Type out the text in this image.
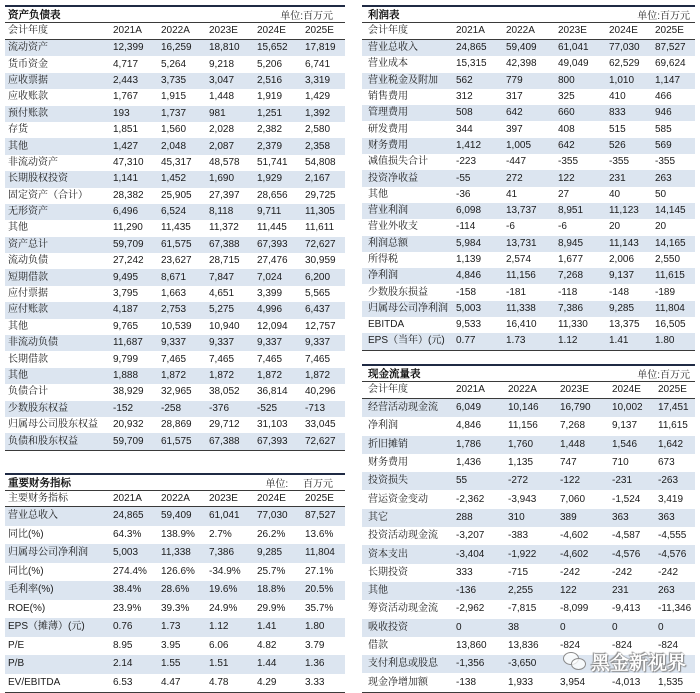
资产负债表	单位:百万元
会计年度	2021A	2022A	2023E	2024E	2025E
流动资产	12,399	16,259	18,810	15,652	17,819
货币资金	4,717	5,264	9,218	5,206	6,741
应收票据	2,443	3,735	3,047	2,516	3,319
应收账款	1,767	1,915	1,448	1,919	1,429
预付账款	193	1,737	981	1,251	1,392
存货	1,851	1,560	2,028	2,382	2,580
其他	1,427	2,048	2,087	2,379	2,358
非流动资产	47,310	45,317	48,578	51,741	54,808
长期股权投资	1,141	1,452	1,690	1,929	2,167
固定资产（合计）	28,382	25,905	27,397	28,656	29,725
无形资产	6,496	6,524	8,118	9,711	11,305
其他	11,290	11,435	11,372	11,445	11,611
资产总计	59,709	61,575	67,388	67,393	72,627
流动负债	27,242	23,627	28,715	27,476	30,959
短期借款	9,495	8,671	7,847	7,024	6,200
应付票据	3,795	1,663	4,651	3,399	5,565
应付账款	4,187	2,753	5,275	4,996	6,437
其他	9,765	10,539	10,940	12,094	12,757
非流动负债	11,687	9,337	9,337	9,337	9,337
长期借款	9,799	7,465	7,465	7,465	7,465
其他	1,888	1,872	1,872	1,872	1,872
负债合计	38,929	32,965	38,052	36,814	40,296
少数股东权益	-152	-258	-376	-525	-713
归属母公司股东权益	20,932	28,869	29,712	31,103	33,045
负债和股东权益	59,709	61,575	67,388	67,393	72,627
利润表	单位:百万元
会计年度	2021A	2022A	2023E	2024E	2025E
营业总收入	24,865	59,409	61,041	77,030	87,527
营业成本	15,315	42,398	49,049	62,529	69,624
营业税金及附加	562	779	800	1,010	1,147
销售费用	312	317	325	410	466
管理费用	508	642	660	833	946
研发费用	344	397	408	515	585
财务费用	1,412	1,005	642	526	569
减值损失合计	-223	-447	-355	-355	-355
投资净收益	-55	272	122	231	263
其他	-36	41	27	40	50
营业利润	6,098	13,737	8,951	11,123	14,145
营业外收支	-114	-6	-6	20	20
利润总额	5,984	13,731	8,945	11,143	14,165
所得税	1,139	2,574	1,677	2,006	2,550
净利润	4,846	11,156	7,268	9,137	11,615
少数股东损益	-158	-181	-118	-148	-189
归属母公司净利润 5,003	11,338	7,386	9,285	11,804
EBITDA	9,533	16,410	11,330	13,375	16,505
EPS（当年）(元)	0.77	1.73	1.12	1.41	1.80
重要财务指标	单位: 百万元
主要财务指标	2021A	2022A	2023E	2024E	2025E
营业总收入	24,865	59,409	61,041	77,030	87,527
同比(%)	64.3%	138.9%	2.7%	26.2%	13.6%
归属母公司净利润	5,003	11,338	7,386	9,285	11,804
同比(%)	274.4%	126.6%	-34.9%	25.7%	27.1%
毛利率(%)	38.4%	28.6%	19.6%	18.8%	20.5%
ROE(%)	23.9%	39.3%	24.9%	29.9%	35.7%
EPS（摊薄）(元)	0.76	1.73	1.12	1.41	1.80
P/E	8.95	3.95	6.06	4.82	3.79
P/B	2.14	1.55	1.51	1.44	1.36
EV/EBITDA	6.53	4.47	4.78	4.29	3.33
现金流量表	单位:百万元
会计年度	2021A	2022A	2023E	2024E	2025E
经营活动现金流	6,049	10,146	16,790	10,002	17,451
净利润	4,846	11,156	7,268	9,137	11,615
折旧摊销	1,786	1,760	1,448	1,546	1,642
财务费用	1,436	1,135	747	710	673
投资损失	55	-272	-122	-231	-263
营运资金变动	-2,362	-3,943	7,060	-1,524	3,419
其它	288	310	389	363	363
投资活动现金流	-3,207	-383	-4,602	-4,587	-4,555
资本支出	-3,404	-1,922	-4,602	-4,576	-4,576
长期投资	333	-715	-242	-242	-242
其他	-136	2,255	122	231	263
筹资活动现金流	-2,962	-7,815	-8,099	-9,413	-11,346
吸收投资	0	38	0	0	0
借款	13,860	13,836	-824	-824	-824
支付利息或股息	-1,356	-3,650
现金净增加额	-138	1,933	3,954	-4,013	1,535
黑金新视界
